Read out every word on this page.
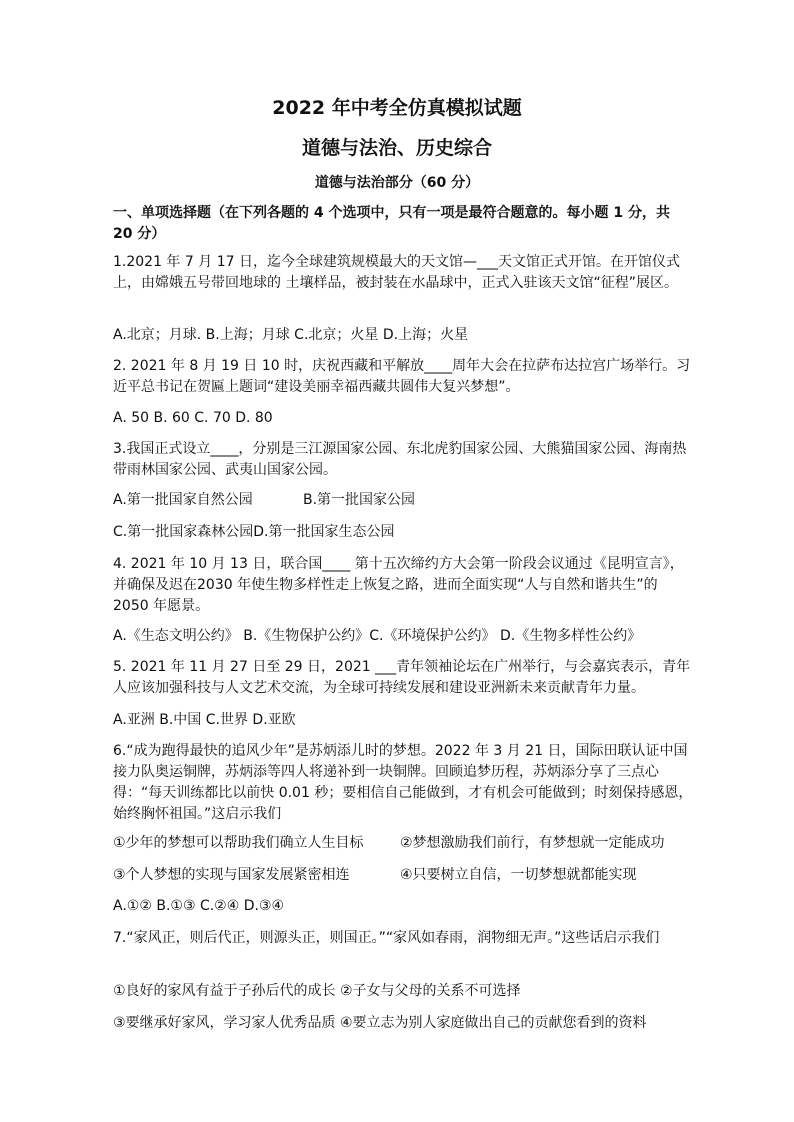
2022 年中考全仿真模拟试题
道德与法治、历史综合
道德与法治部分（60 分）
一、单项选择题（在下列各题的 4 个选项中，只有一项是最符合题意的。每小题 1 分，共 20 分）
1.2021 年 7 月 17 日，迄今全球建筑规模最大的天文馆—___天文馆正式开馆。在开馆仪式上，由嫦娥五号带回地球的 土壤样品，被封装在水晶球中，正式入驻该天文馆“征程”展区。
A.北京；月球. B.上海；月球 C.北京；火星 D.上海；火星
2. 2021 年 8 月 19 日 10 时，庆祝西藏和平解放____周年大会在拉萨布达拉宫广场举行。习近平总书记在贺匾上题词“建设美丽幸福西藏共圆伟大复兴梦想”。
A. 50 B. 60 C. 70 D. 80
3.我国正式设立____，分别是三江源国家公园、东北虎豹国家公园、大熊猫国家公园、海南热 带雨林国家公园、武夷山国家公园。
A.第一批国家自然公园	B.第一批国家公园
C.第一批国家森林公园D.第一批国家生态公园
4. 2021 年 10 月 13 日，联合国____ 第十五次缔约方大会第一阶段会议通过《昆明宣言》，并确保及迟在2030 年使生物多样性走上恢复之路，进而全面实现“人与自然和谐共生”的2050 年愿景。
A.《生态文明公约》 B.《生物保护公约》C.《环境保护公约》 D.《生物多样性公约》
5. 2021 年 11 月 27 日至 29 日，2021 ___青年领袖论坛在广州举行，与会嘉宾表示，青年人应该加强科技与人文艺术交流，为全球可持续发展和建设亚洲新未来贡献青年力量。
A.亚洲 B.中国 C.世界 D.亚欧
6.“成为跑得最快的追风少年”是苏炳添儿时的梦想。2022 年 3 月 21 日，国际田联认证中国接力队奥运铜牌，苏炳添等四人将递补到一块铜牌。回顾追梦历程，苏炳添分享了三点心得：“每天训练都比以前快 0.01 秒；要相信自己能做到，才有机会可能做到；时刻保持感恩，始终胸怀祖国。”这启示我们
①少年的梦想可以帮助我们确立人生目标	②梦想激励我们前行，有梦想就一定能成功
③个人梦想的实现与国家发展紧密相连	④只要树立自信，一切梦想就都能实现
A.①② B.①③ C.②④ D.③④
7.“家风正，则后代正，则源头正，则国正。”“家风如春雨，润物细无声。”这些话启示我们
①良好的家风有益于子孙后代的成长 ②子女与父母的关系不可选择
③要继承好家风，学习家人优秀品质 ④要立志为别人家庭做出自己的贡献您看到的资料
